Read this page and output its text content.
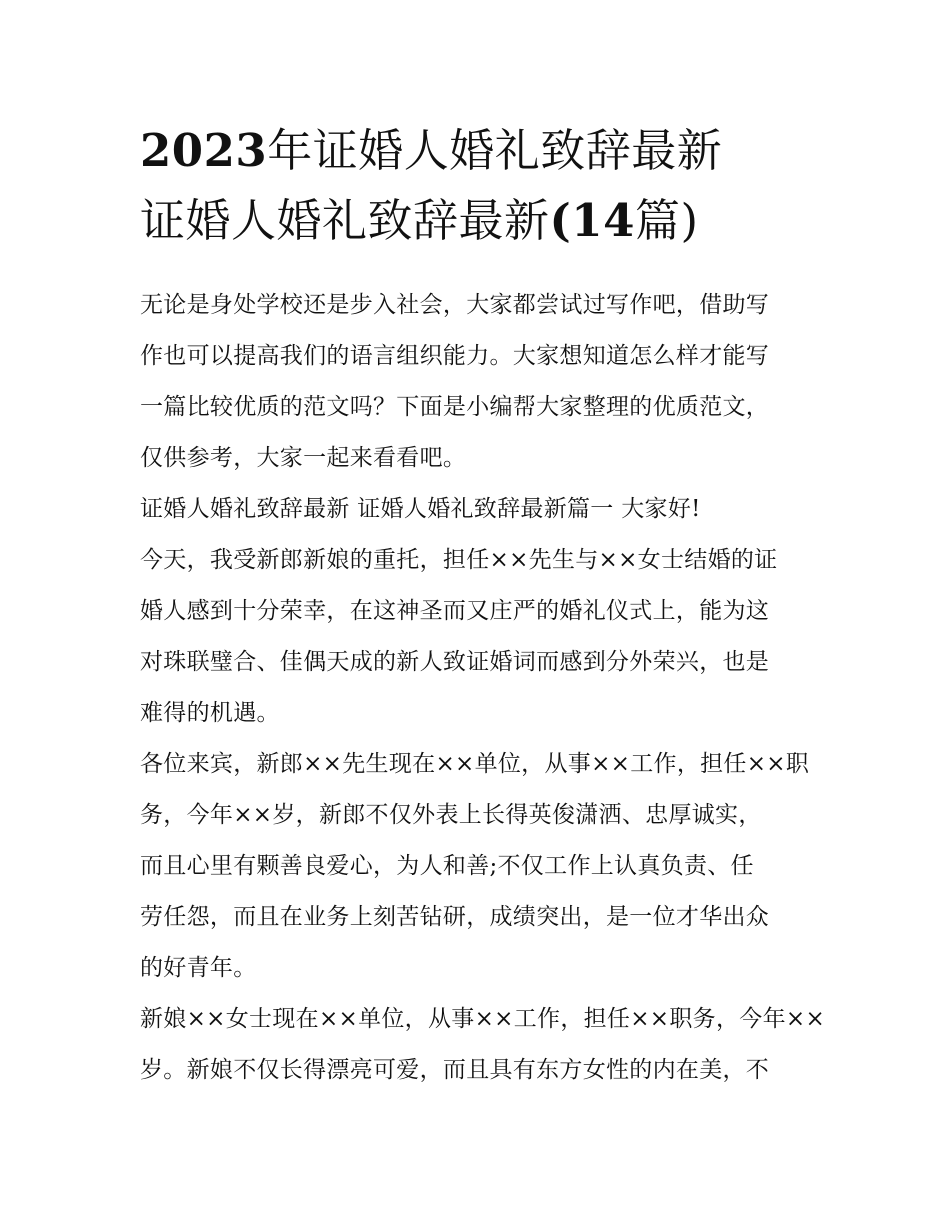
2023年证婚人婚礼致辞最新
证婚人婚礼致辞最新(14篇)

无论是身处学校还是步入社会，大家都尝试过写作吧，借助写
作也可以提高我们的语言组织能力。大家想知道怎么样才能写
一篇比较优质的范文吗？下面是小编帮大家整理的优质范文，
仅供参考，大家一起来看看吧。

证婚人婚礼致辞最新 证婚人婚礼致辞最新篇一 大家好!

今天，我受新郎新娘的重托，担任××先生与××女士结婚的证
婚人感到十分荣幸，在这神圣而又庄严的婚礼仪式上，能为这
对珠联璧合、佳偶天成的新人致证婚词而感到分外荣兴，也是
难得的机遇。

各位来宾，新郎××先生现在××单位，从事××工作，担任××职
务，今年××岁，新郎不仅外表上长得英俊潇洒、忠厚诚实，
而且心里有颗善良爱心，为人和善;不仅工作上认真负责、任
劳任怨，而且在业务上刻苦钻研，成绩突出，是一位才华出众
的好青年。

新娘××女士现在××单位，从事××工作，担任××职务，今年××
岁。新娘不仅长得漂亮可爱，而且具有东方女性的内在美，不
